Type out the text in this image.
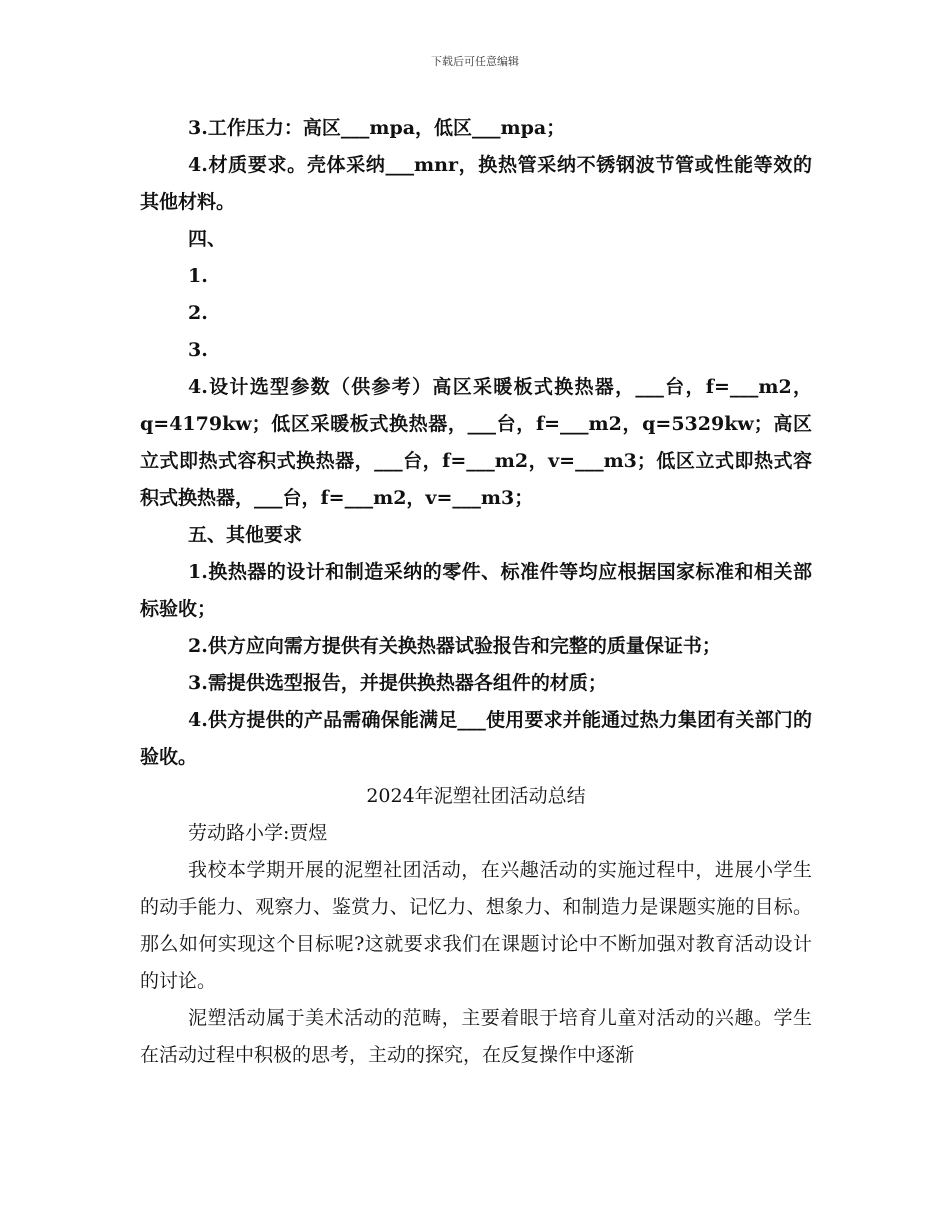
下载后可任意编辑

3.工作压力：高区___mpa，低区___mpa；

4.材质要求。壳体采纳___mnr，换热管采纳不锈钢波节管或性能等效的其他材料。

四、

1.

2.

3.

4.设计选型参数（供参考）高区采暖板式换热器，___台，f=___m2，q=4179kw；低区采暖板式换热器，___台，f=___m2，q=5329kw；高区立式即热式容积式换热器，___台，f=___m2，v=___m3；低区立式即热式容积式换热器，___台，f=___m2，v=___m3；

五、其他要求

1.换热器的设计和制造采纳的零件、标准件等均应根据国家标准和相关部标验收；

2.供方应向需方提供有关换热器试验报告和完整的质量保证书；

3.需提供选型报告，并提供换热器各组件的材质；

4.供方提供的产品需确保能满足___使用要求并能通过热力集团有关部门的验收。

2024年泥塑社团活动总结

劳动路小学:贾煜

我校本学期开展的泥塑社团活动，在兴趣活动的实施过程中，进展小学生的动手能力、观察力、鉴赏力、记忆力、想象力、和制造力是课题实施的目标。那么如何实现这个目标呢?这就要求我们在课题讨论中不断加强对教育活动设计的讨论。

泥塑活动属于美术活动的范畴，主要着眼于培育儿童对活动的兴趣。学生在活动过程中积极的思考，主动的探究，在反复操作中逐渐
